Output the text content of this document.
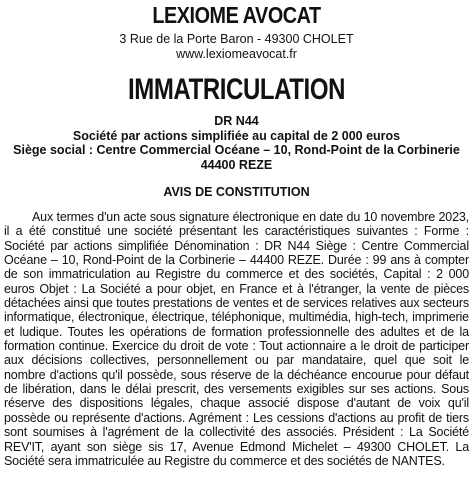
LEXIOME AVOCAT

3 Rue de la Porte Baron - 49300 CHOLET

www.lexiomeavocat.fr

IMMATRICULATION

DR N44

Société par actions simplifiée au capital de 2 000 euros

Siège social : Centre Commercial Océane – 10, Rond-Point de la Corbinerie

44400 REZE

AVIS DE CONSTITUTION

Aux termes d'un acte sous signature électronique en date du 10 novembre 2023, il a été constitué une société présentant les caractéristiques suivantes : Forme : Société par actions simplifiée Dénomination : DR N44 Siège : Centre Commercial Océane – 10, Rond-Point de la Corbinerie – 44400 REZE. Durée : 99 ans à compter de son immatriculation au Registre du commerce et des sociétés, Capital : 2 000 euros Objet : La Société a pour objet, en France et à l'étranger, la vente de pièces détachées ainsi que toutes prestations de ventes et de services relatives aux secteurs informatique, électronique, électrique, téléphonique, multimédia, high-tech, imprimerie et ludique. Toutes les opérations de formation professionnelle des adultes et de la formation continue. Exercice du droit de vote : Tout actionnaire a le droit de participer aux décisions collectives, personnellement ou par mandataire, quel que soit le nombre d'actions qu'il possède, sous réserve de la déchéance encourue pour défaut de libération, dans le délai prescrit, des versements exigibles sur ses actions. Sous réserve des dispositions légales, chaque associé dispose d'autant de voix qu'il possède ou représente d'actions. Agrément : Les cessions d'actions au profit de tiers sont soumises à l'agrément de la collectivité des associés. Président : La Société REV'IT, ayant son siège sis 17, Avenue Edmond Michelet – 49300 CHOLET. La Société sera immatriculée au Registre du commerce et des sociétés de NANTES.
